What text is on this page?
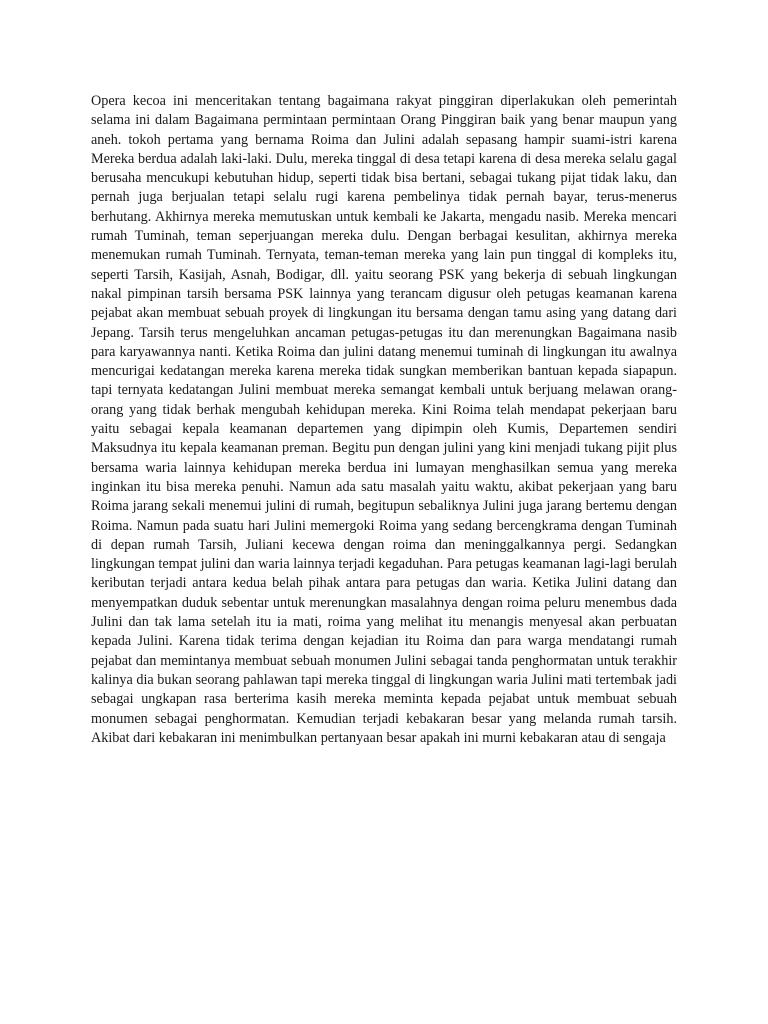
Opera kecoa ini menceritakan tentang bagaimana rakyat pinggiran diperlakukan oleh pemerintah selama ini dalam Bagaimana permintaan permintaan Orang Pinggiran baik yang benar maupun yang aneh. tokoh pertama yang bernama Roima dan Julini adalah sepasang hampir suami-istri karena Mereka berdua adalah laki-laki. Dulu, mereka tinggal di desa tetapi karena di desa mereka selalu gagal berusaha mencukupi kebutuhan hidup, seperti tidak bisa bertani, sebagai tukang pijat tidak laku, dan pernah juga berjualan tetapi selalu rugi karena pembelinya tidak pernah bayar, terus-menerus berhutang. Akhirnya mereka memutuskan untuk kembali ke Jakarta, mengadu nasib. Mereka mencari rumah Tuminah, teman seperjuangan mereka dulu. Dengan berbagai kesulitan, akhirnya mereka menemukan rumah Tuminah. Ternyata, teman-teman mereka yang lain pun tinggal di kompleks itu, seperti Tarsih, Kasijah, Asnah, Bodigar, dll. yaitu seorang PSK yang bekerja di sebuah lingkungan nakal pimpinan tarsih bersama PSK lainnya yang terancam digusur oleh petugas keamanan karena pejabat akan membuat sebuah proyek di lingkungan itu bersama dengan tamu asing yang datang dari Jepang. Tarsih terus mengeluhkan ancaman petugas-petugas itu dan merenungkan Bagaimana nasib para karyawannya nanti. Ketika Roima dan julini datang menemui tuminah di lingkungan itu awalnya mencurigai kedatangan mereka karena mereka tidak sungkan memberikan bantuan kepada siapapun. tapi ternyata kedatangan Julini membuat mereka semangat kembali untuk berjuang melawan orang-orang yang tidak berhak mengubah kehidupan mereka. Kini Roima telah mendapat pekerjaan baru yaitu sebagai kepala keamanan departemen yang dipimpin oleh Kumis, Departemen sendiri Maksudnya itu kepala keamanan preman. Begitu pun dengan julini yang kini menjadi tukang pijit plus bersama waria lainnya kehidupan mereka berdua ini lumayan menghasilkan semua yang mereka inginkan itu bisa mereka penuhi. Namun ada satu masalah yaitu waktu, akibat pekerjaan yang baru Roima jarang sekali menemui julini di rumah, begitupun sebaliknya Julini juga jarang bertemu dengan Roima. Namun pada suatu hari Julini memergoki Roima yang sedang bercengkrama dengan Tuminah di depan rumah Tarsih, Juliani kecewa dengan roima dan meninggalkannya pergi. Sedangkan lingkungan tempat julini dan waria lainnya terjadi kegaduhan. Para petugas keamanan lagi-lagi berulah keributan terjadi antara kedua belah pihak antara para petugas dan waria. Ketika Julini datang dan menyempatkan duduk sebentar untuk merenungkan masalahnya dengan roima peluru menembus dada Julini dan tak lama setelah itu ia mati, roima yang melihat itu menangis menyesal akan perbuatan kepada Julini. Karena tidak terima dengan kejadian itu Roima dan para warga mendatangi rumah pejabat dan memintanya membuat sebuah monumen Julini sebagai tanda penghormatan untuk terakhir kalinya dia bukan seorang pahlawan tapi mereka tinggal di lingkungan waria Julini mati tertembak jadi sebagai ungkapan rasa berterima kasih mereka meminta kepada pejabat untuk membuat sebuah monumen sebagai penghormatan. Kemudian terjadi kebakaran besar yang melanda rumah tarsih. Akibat dari kebakaran ini menimbulkan pertanyaan besar apakah ini murni kebakaran atau di sengaja
